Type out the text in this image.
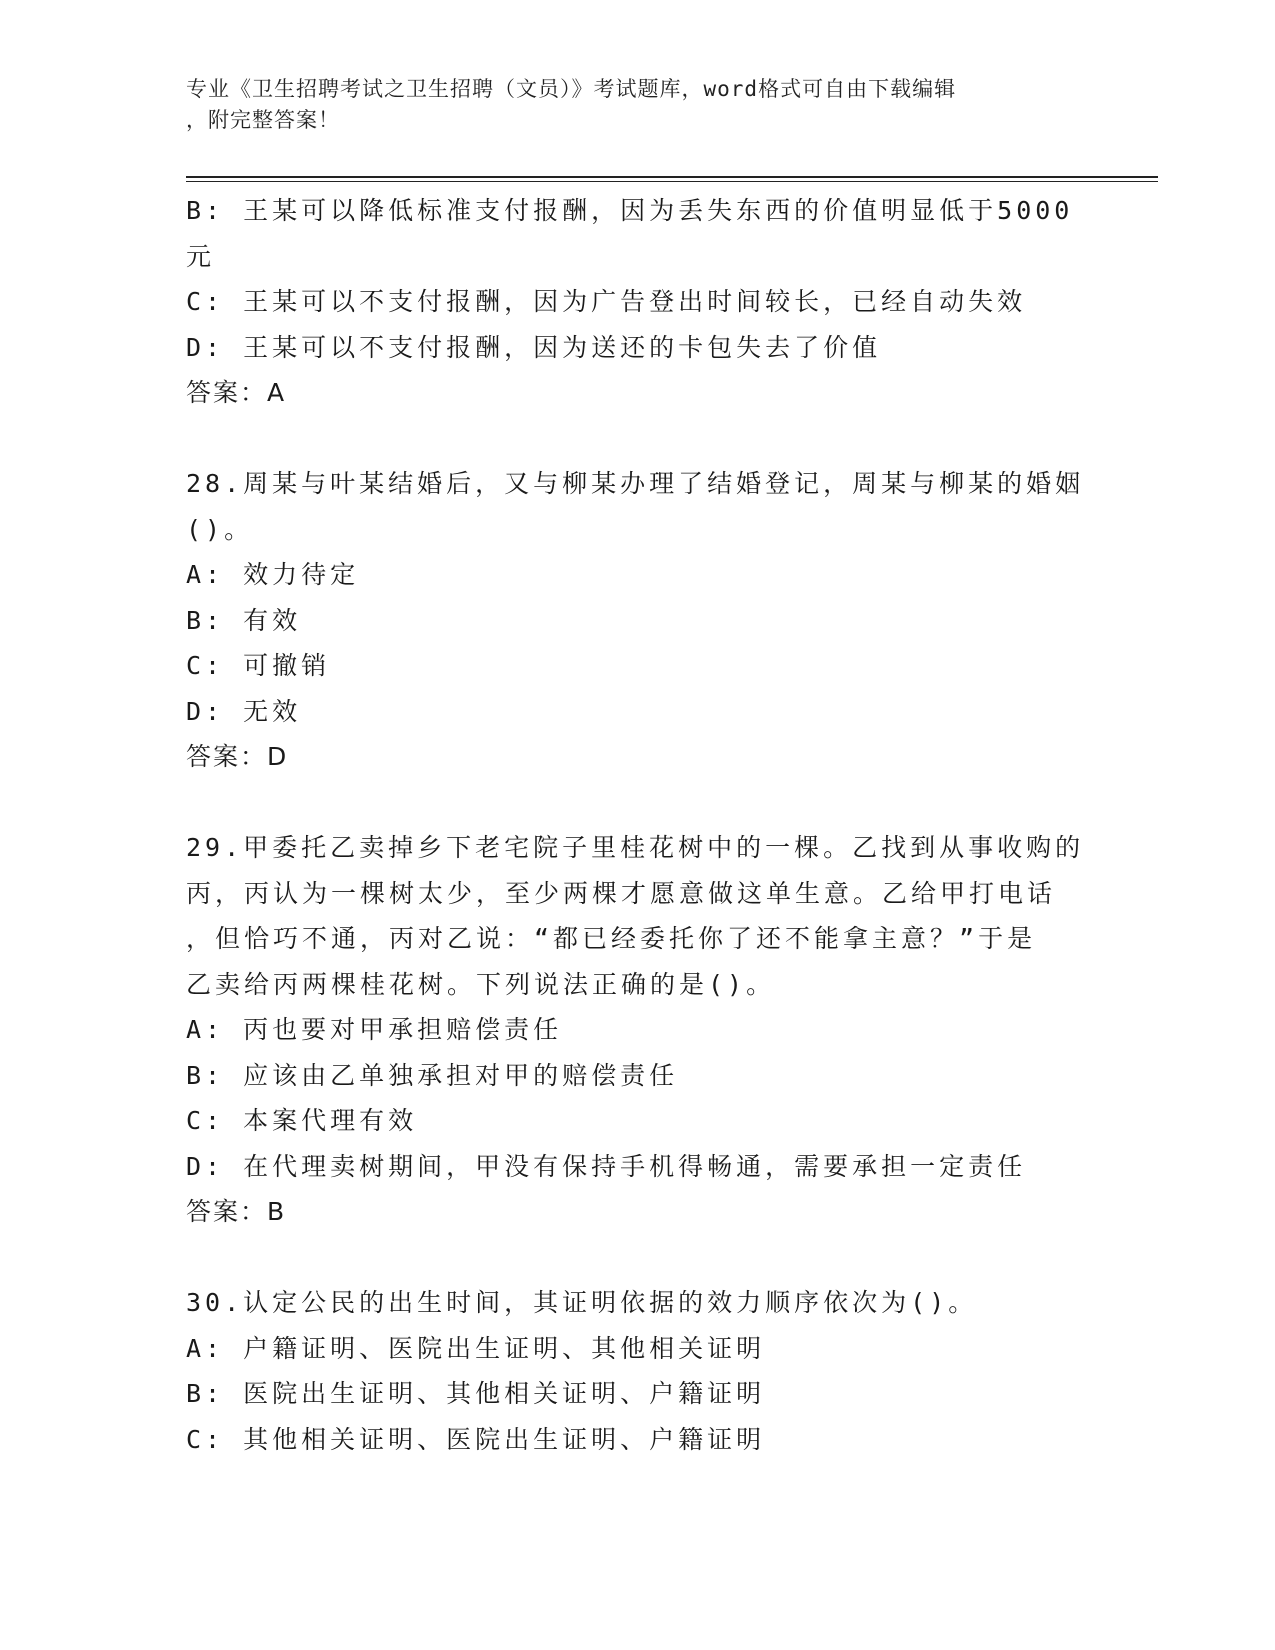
专业《卫生招聘考试之卫生招聘（文员）》考试题库，word格式可自由下载编辑
，附完整答案！

B: 王某可以降低标准支付报酬，因为丢失东西的价值明显低于5000

元

C: 王某可以不支付报酬，因为广告登出时间较长，已经自动失效

D: 王某可以不支付报酬，因为送还的卡包失去了价值

答案：A

28.周某与叶某结婚后，又与柳某办理了结婚登记，周某与柳某的婚姻

()。

A: 效力待定

B: 有效

C: 可撤销

D: 无效

答案：D

29.甲委托乙卖掉乡下老宅院子里桂花树中的一棵。乙找到从事收购的

丙，丙认为一棵树太少，至少两棵才愿意做这单生意。乙给甲打电话

，但恰巧不通，丙对乙说：“都已经委托你了还不能拿主意？”于是

乙卖给丙两棵桂花树。下列说法正确的是()。

A: 丙也要对甲承担赔偿责任

B: 应该由乙单独承担对甲的赔偿责任

C: 本案代理有效

D: 在代理卖树期间，甲没有保持手机得畅通，需要承担一定责任

答案：B

30.认定公民的出生时间，其证明依据的效力顺序依次为()。

A: 户籍证明、医院出生证明、其他相关证明

B: 医院出生证明、其他相关证明、户籍证明

C: 其他相关证明、医院出生证明、户籍证明
